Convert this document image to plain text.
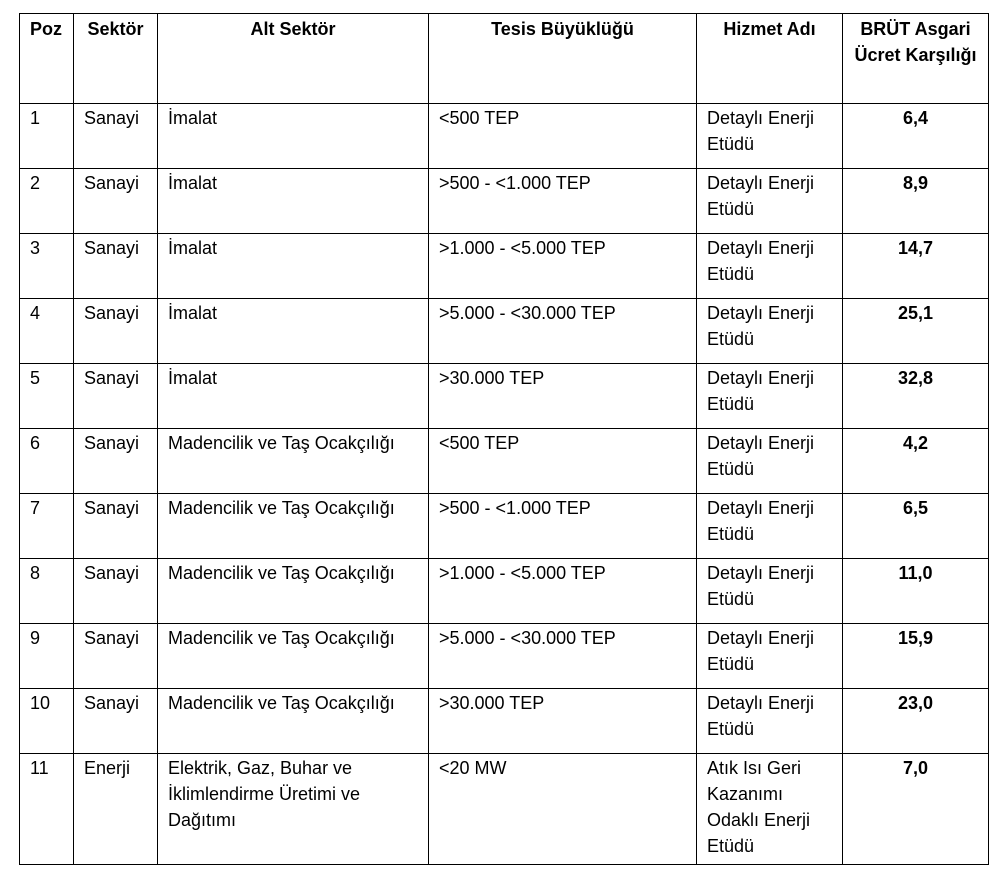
Poz	Sektör	Alt Sektör	Tesis Büyüklüğü	Hizmet Adı	BRÜT Asgari Ücret Karşılığı
1	Sanayi	İmalat	<500 TEP	Detaylı Enerji Etüdü	6,4
2	Sanayi	İmalat	>500 - <1.000 TEP	Detaylı Enerji Etüdü	8,9
3	Sanayi	İmalat	>1.000 - <5.000 TEP	Detaylı Enerji Etüdü	14,7
4	Sanayi	İmalat	>5.000 - <30.000 TEP	Detaylı Enerji Etüdü	25,1
5	Sanayi	İmalat	>30.000 TEP	Detaylı Enerji Etüdü	32,8
6	Sanayi	Madencilik ve Taş Ocakçılığı	<500 TEP	Detaylı Enerji Etüdü	4,2
7	Sanayi	Madencilik ve Taş Ocakçılığı	>500 - <1.000 TEP	Detaylı Enerji Etüdü	6,5
8	Sanayi	Madencilik ve Taş Ocakçılığı	>1.000 - <5.000 TEP	Detaylı Enerji Etüdü	11,0
9	Sanayi	Madencilik ve Taş Ocakçılığı	>5.000 - <30.000 TEP	Detaylı Enerji Etüdü	15,9
10	Sanayi	Madencilik ve Taş Ocakçılığı	>30.000 TEP	Detaylı Enerji Etüdü	23,0
11	Enerji	Elektrik, Gaz, Buhar ve İklimlendirme Üretimi ve Dağıtımı	<20 MW	Atık Isı Geri Kazanımı Odaklı Enerji Etüdü	7,0
